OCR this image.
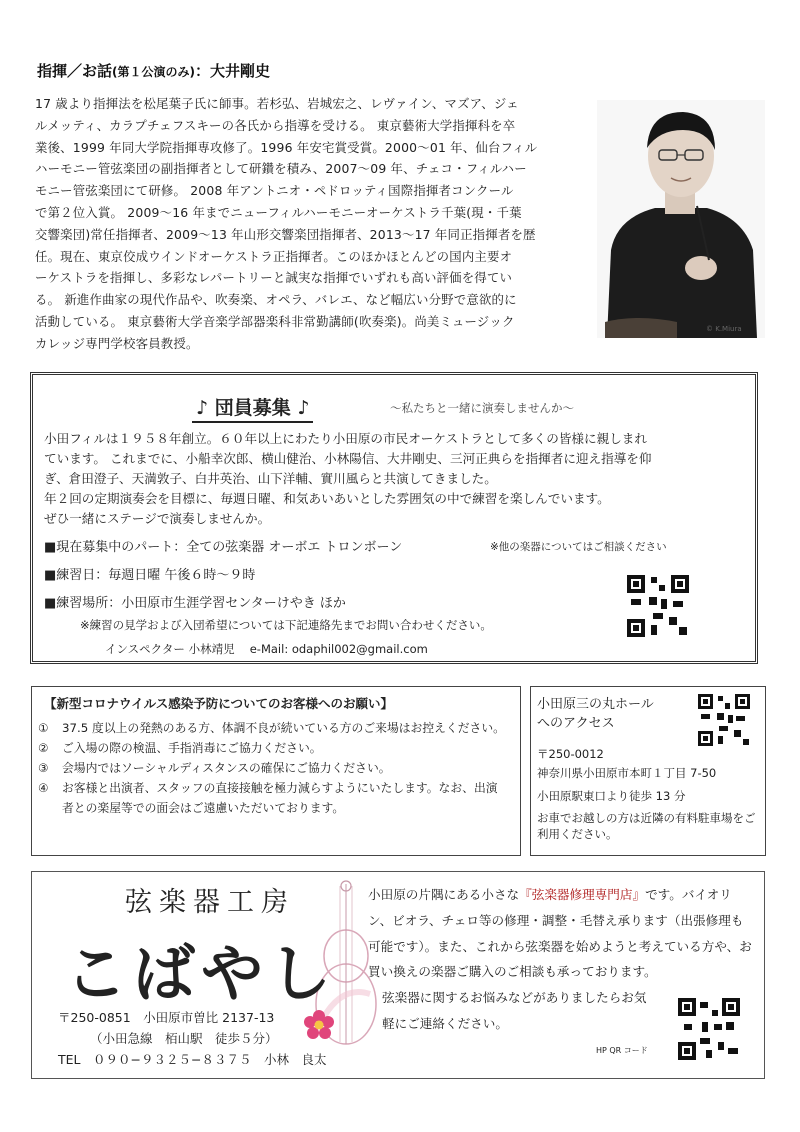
指揮／お話(第１公演のみ)：大井剛史
17 歳より指揮法を松尾葉子氏に師事。若杉弘、岩城宏之、レヴァイン、マズア、ジェ
ルメッティ、カラプチェフスキーの各氏から指導を受ける。 東京藝術大学指揮科を卒
業後、1999 年同大学院指揮専攻修了。1996 年安宅賞受賞。2000〜01 年、仙台フィル
ハーモニー管弦楽団の副指揮者として研鑽を積み、2007〜09 年、チェコ・フィルハー
モニー管弦楽団にて研修。 2008 年アントニオ・ペドロッティ国際指揮者コンクール
で第２位入賞。 2009〜16 年までニューフィルハーモニーオーケストラ千葉(現・千葉
交響楽団)常任指揮者、2009〜13 年山形交響楽団指揮者、2013〜17 年同正指揮者を歴
任。現在、東京佼成ウインドオーケストラ正指揮者。このほかほとんどの国内主要オ
ーケストラを指揮し、多彩なレパートリーと誠実な指揮でいずれも高い評価を得てい
る。 新進作曲家の現代作品や、吹奏楽、オペラ、バレエ、など幅広い分野で意欲的に
活動している。 東京藝術大学音楽学部器楽科非常勤講師(吹奏楽)。尚美ミュージック
カレッジ専門学校客員教授。
© K.Miura
♪ 団員募集 ♪	〜私たちと一緒に演奏しませんか〜
小田フィルは１９５８年創立。６０年以上にわたり小田原の市民オーケストラとして多くの皆様に親しまれ
ています。 これまでに、小船幸次郎、横山健治、小林陽信、大井剛史、三河正典らを指揮者に迎え指導を仰
ぎ、倉田澄子、天満敦子、白井英治、山下洋輔、實川風らと共演してきました。
年２回の定期演奏会を目標に、毎週日曜、和気あいあいとした雰囲気の中で練習を楽しんでいます。
ぜひ一緒にステージで演奏しませんか。
■現在募集中のパート：全ての弦楽器 オーボエ トロンボーン	※他の楽器についてはご相談ください
■練習日：毎週日曜 午後６時〜９時
■練習場所：小田原市生涯学習センターけやき ほか
※練習の見学および入団希望については下記連絡先までお問い合わせください。
インスペクター 小林靖児　 e-Mail: odaphil002@gmail.com
【新型コロナウイルス感染予防についてのお客様へのお願い】
① 37.5 度以上の発熱のある方、体調不良が続いている方のご来場はお控えください。
② ご入場の際の検温、手指消毒にご協力ください。
③ 会場内ではソーシャルディスタンスの確保にご協力ください。
④ お客様と出演者、スタッフの直接接触を極力減らすようにいたします。なお、出演者との楽屋等での面会はご遠慮いただいております。
小田原三の丸ホール
へのアクセス
〒250-0012
神奈川県小田原市本町１丁目 7-50
小田原駅東口より徒歩 13 分
お車でお越しの方は近隣の有料駐車場をご利用ください。
弦楽器工房
こばやし
〒250-0851　小田原市曽比 2137-13
（小田急線　栢山駅　徒歩５分）
TEL　０９０−９３２５−８３７５　小林　良太
小田原の片隅にある小さな『弦楽器修理専門店』です。バイオリン、ビオラ、チェロ等の修理・調整・毛替え承ります（出張修理も可能です）。また、これから弦楽器を始めようと考えている方や、お買い換えの楽器ご購入のご相談も承っております。
弦楽器に関するお悩みなどがありましたらお気軽にご連絡ください。
HP QR コード
